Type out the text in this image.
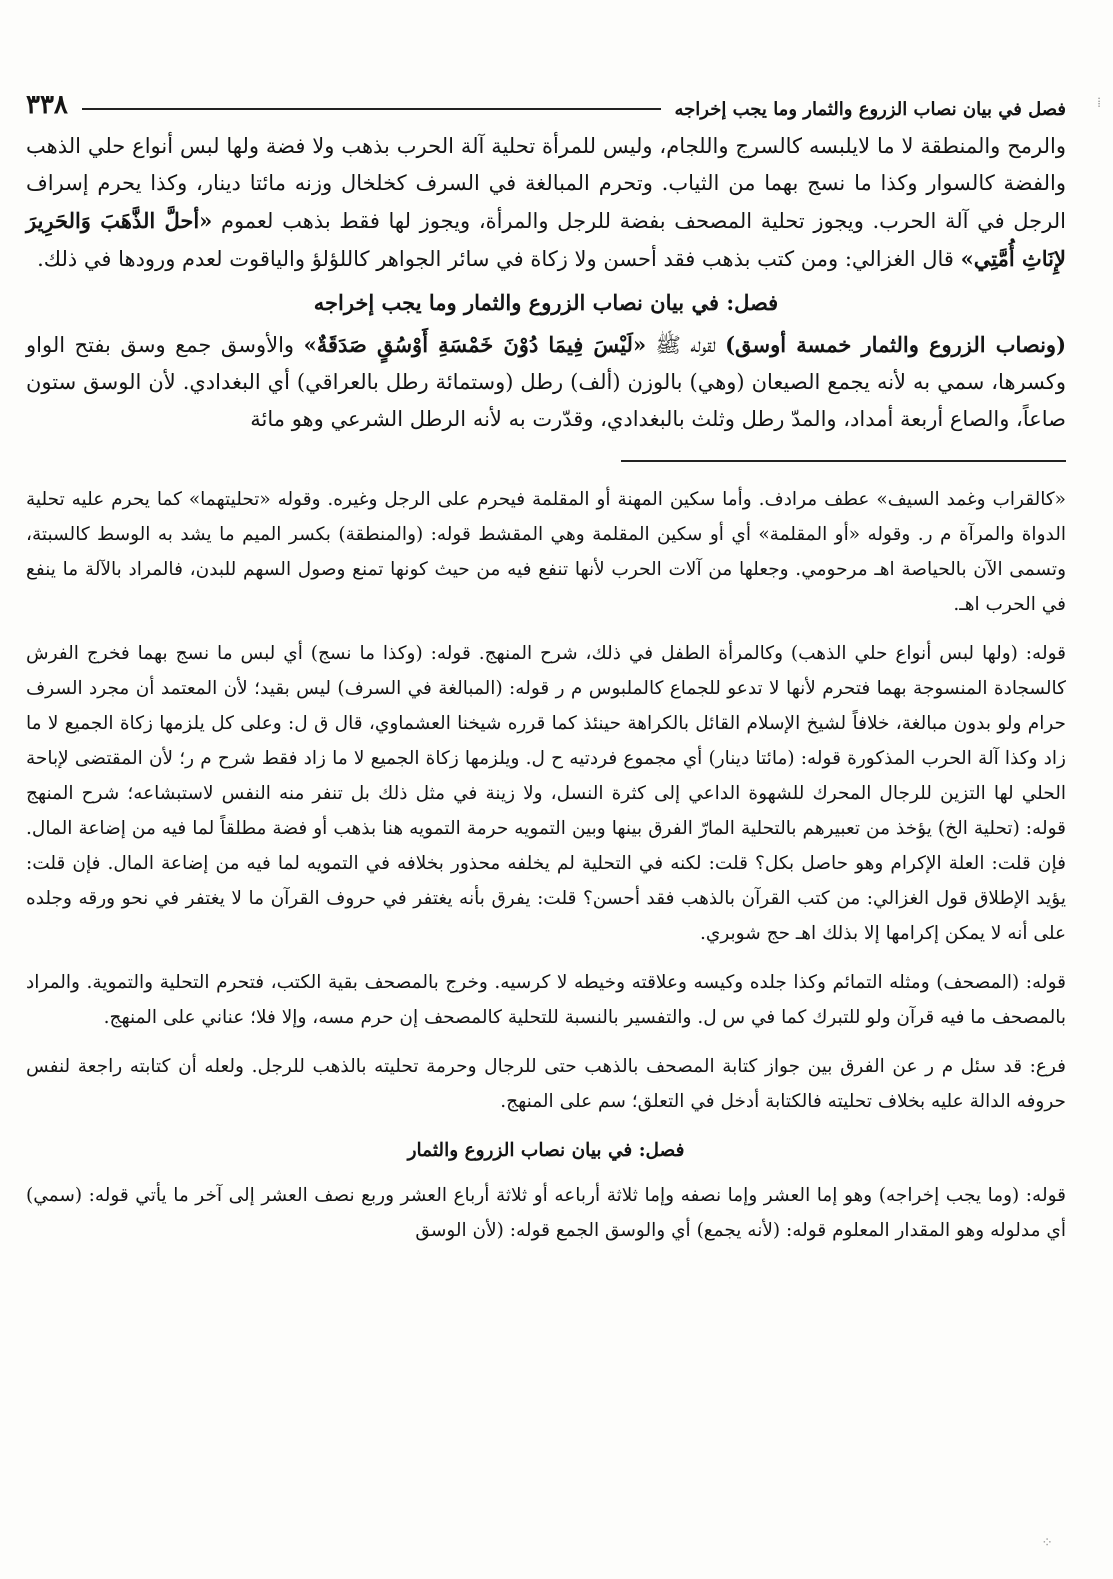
فصل في بيان نصاب الزروع والثمار وما يجب إخراجه
٣٣٨

والرمح والمنطقة لا ما لايلبسه كالسرج واللجام، وليس للمرأة تحلية آلة الحرب بذهب ولا فضة ولها لبس أنواع حلي الذهب والفضة كالسوار وكذا ما نسج بهما من الثياب. وتحرم المبالغة في السرف كخلخال وزنه مائتا دينار، وكذا يحرم إسراف الرجل في آلة الحرب. ويجوز تحلية المصحف بفضة للرجل والمرأة، ويجوز لها فقط بذهب لعموم «أحلَّ الذَّهَبَ وَالحَرِيرَ لإِنَاثِ أُمَّتِي» قال الغزالي: ومن كتب بذهب فقد أحسن ولا زكاة في سائر الجواهر كاللؤلؤ والياقوت لعدم ورودها في ذلك.

فصل: في بيان نصاب الزروع والثمار وما يجب إخراجه

(ونصاب الزروع والثمار خمسة أوسق) لقوله ﷺ «لَيْسَ فِيمَا دُوْنَ خَمْسَةِ أَوْسُقٍ صَدَقَةٌ» والأوسق جمع وسق بفتح الواو وكسرها، سمي به لأنه يجمع الصيعان (وهي) بالوزن (ألف) رطل (وستمائة رطل بالعراقي) أي البغدادي. لأن الوسق ستون صاعاً، والصاع أربعة أمداد، والمدّ رطل وثلث بالبغدادي، وقدّرت به لأنه الرطل الشرعي وهو مائة

«كالقراب وغمد السيف» عطف مرادف. وأما سكين المهنة أو المقلمة فيحرم على الرجل وغيره. وقوله «تحليتهما» كما يحرم عليه تحلية الدواة والمرآة م ر. وقوله «أو المقلمة» أي أو سكين المقلمة وهي المقشط قوله: (والمنطقة) بكسر الميم ما يشد به الوسط كالسبتة، وتسمى الآن بالحياصة اهـ مرحومي. وجعلها من آلات الحرب لأنها تنفع فيه من حيث كونها تمنع وصول السهم للبدن، فالمراد بالآلة ما ينفع في الحرب اهـ.

قوله: (ولها لبس أنواع حلي الذهب) وكالمرأة الطفل في ذلك، شرح المنهج. قوله: (وكذا ما نسج) أي لبس ما نسج بهما فخرج الفرش كالسجادة المنسوجة بهما فتحرم لأنها لا تدعو للجماع كالملبوس م ر قوله: (المبالغة في السرف) ليس بقيد؛ لأن المعتمد أن مجرد السرف حرام ولو بدون مبالغة، خلافاً لشيخ الإسلام القائل بالكراهة حينئذ كما قرره شيخنا العشماوي، قال ق ل: وعلى كل يلزمها زكاة الجميع لا ما زاد وكذا آلة الحرب المذكورة قوله: (مائتا دينار) أي مجموع فردتيه ح ل. ويلزمها زكاة الجميع لا ما زاد فقط شرح م ر؛ لأن المقتضى لإباحة الحلي لها التزين للرجال المحرك للشهوة الداعي إلى كثرة النسل، ولا زينة في مثل ذلك بل تنفر منه النفس لاستبشاعه؛ شرح المنهج قوله: (تحلية الخ) يؤخذ من تعبيرهم بالتحلية المارّ الفرق بينها وبين التمويه حرمة التمويه هنا بذهب أو فضة مطلقاً لما فيه من إضاعة المال. فإن قلت: العلة الإكرام وهو حاصل بكل؟ قلت: لكنه في التحلية لم يخلفه محذور بخلافه في التمويه لما فيه من إضاعة المال. فإن قلت: يؤيد الإطلاق قول الغزالي: من كتب القرآن بالذهب فقد أحسن؟ قلت: يفرق بأنه يغتفر في حروف القرآن ما لا يغتفر في نحو ورقه وجلده على أنه لا يمكن إكرامها إلا بذلك اهـ حج شوبري.

قوله: (المصحف) ومثله التمائم وكذا جلده وكيسه وعلاقته وخيطه لا كرسيه. وخرج بالمصحف بقية الكتب، فتحرم التحلية والتموية. والمراد بالمصحف ما فيه قرآن ولو للتبرك كما في س ل. والتفسير بالنسبة للتحلية كالمصحف إن حرم مسه، وإلا فلا؛ عناني على المنهج.

فرع: قد سئل م ر عن الفرق بين جواز كتابة المصحف بالذهب حتى للرجال وحرمة تحليته بالذهب للرجل. ولعله أن كتابته راجعة لنفس حروفه الدالة عليه بخلاف تحليته فالكتابة أدخل في التعلق؛ سم على المنهج.

فصل: في بيان نصاب الزروع والثمار

قوله: (وما يجب إخراجه) وهو إما العشر وإما نصفه وإما ثلاثة أرباعه أو ثلاثة أرباع العشر وربع نصف العشر إلى آخر ما يأتي قوله: (سمي) أي مدلوله وهو المقدار المعلوم قوله: (لأنه يجمع) أي والوسق الجمع قوله: (لأن الوسق

⁞
⁘
